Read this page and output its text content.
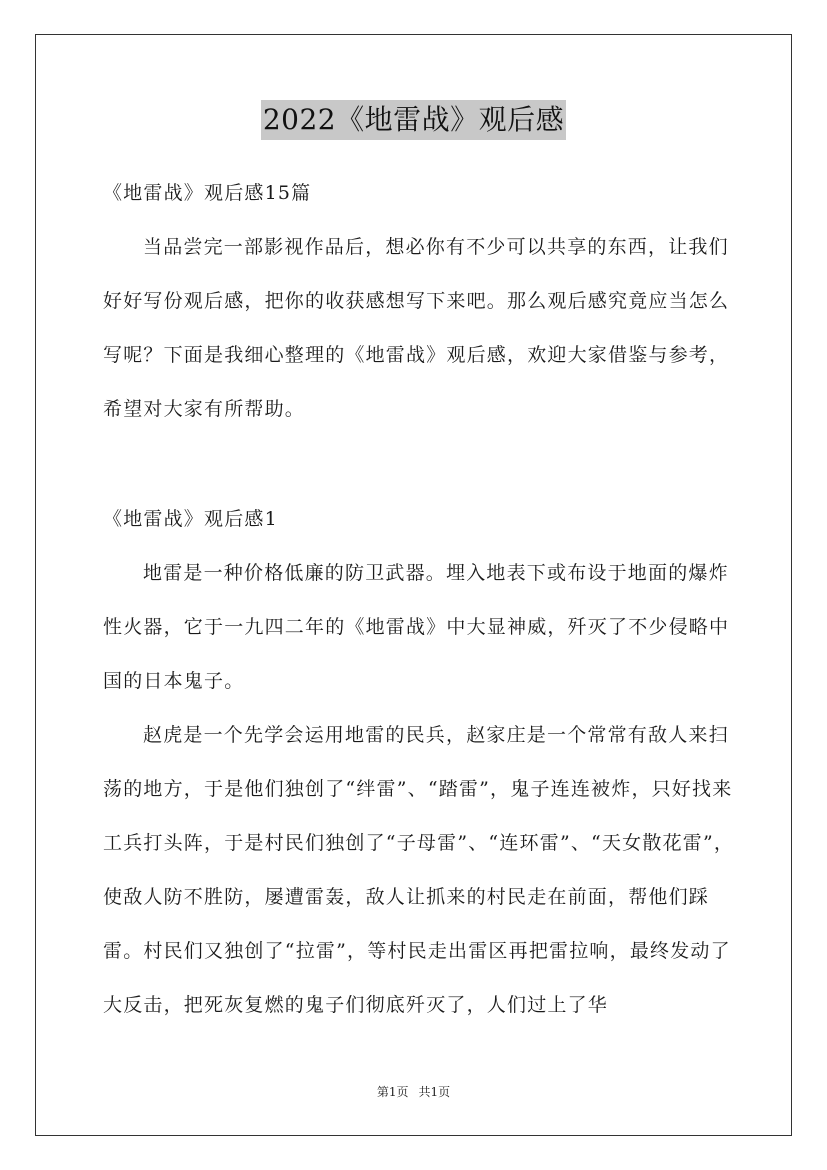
2022《地雷战》观后感

《地雷战》观后感15篇

当品尝完一部影视作品后，想必你有不少可以共享的东西，让我们好好写份观后感，把你的收获感想写下来吧。那么观后感究竟应当怎么写呢？下面是我细心整理的《地雷战》观后感，欢迎大家借鉴与参考，希望对大家有所帮助。

《地雷战》观后感1

地雷是一种价格低廉的防卫武器。埋入地表下或布设于地面的爆炸性火器，它于一九四二年的《地雷战》中大显神威，歼灭了不少侵略中国的日本鬼子。

赵虎是一个先学会运用地雷的民兵，赵家庄是一个常常有敌人来扫荡的地方，于是他们独创了“绊雷”、“踏雷”，鬼子连连被炸，只好找来工兵打头阵，于是村民们独创了“子母雷”、“连环雷”、“天女散花雷”，使敌人防不胜防，屡遭雷轰，敌人让抓来的村民走在前面，帮他们踩雷。村民们又独创了“拉雷”，等村民走出雷区再把雷拉响，最终发动了大反击，把死灰复燃的鬼子们彻底歼灭了，人们过上了华

第1页 共1页
